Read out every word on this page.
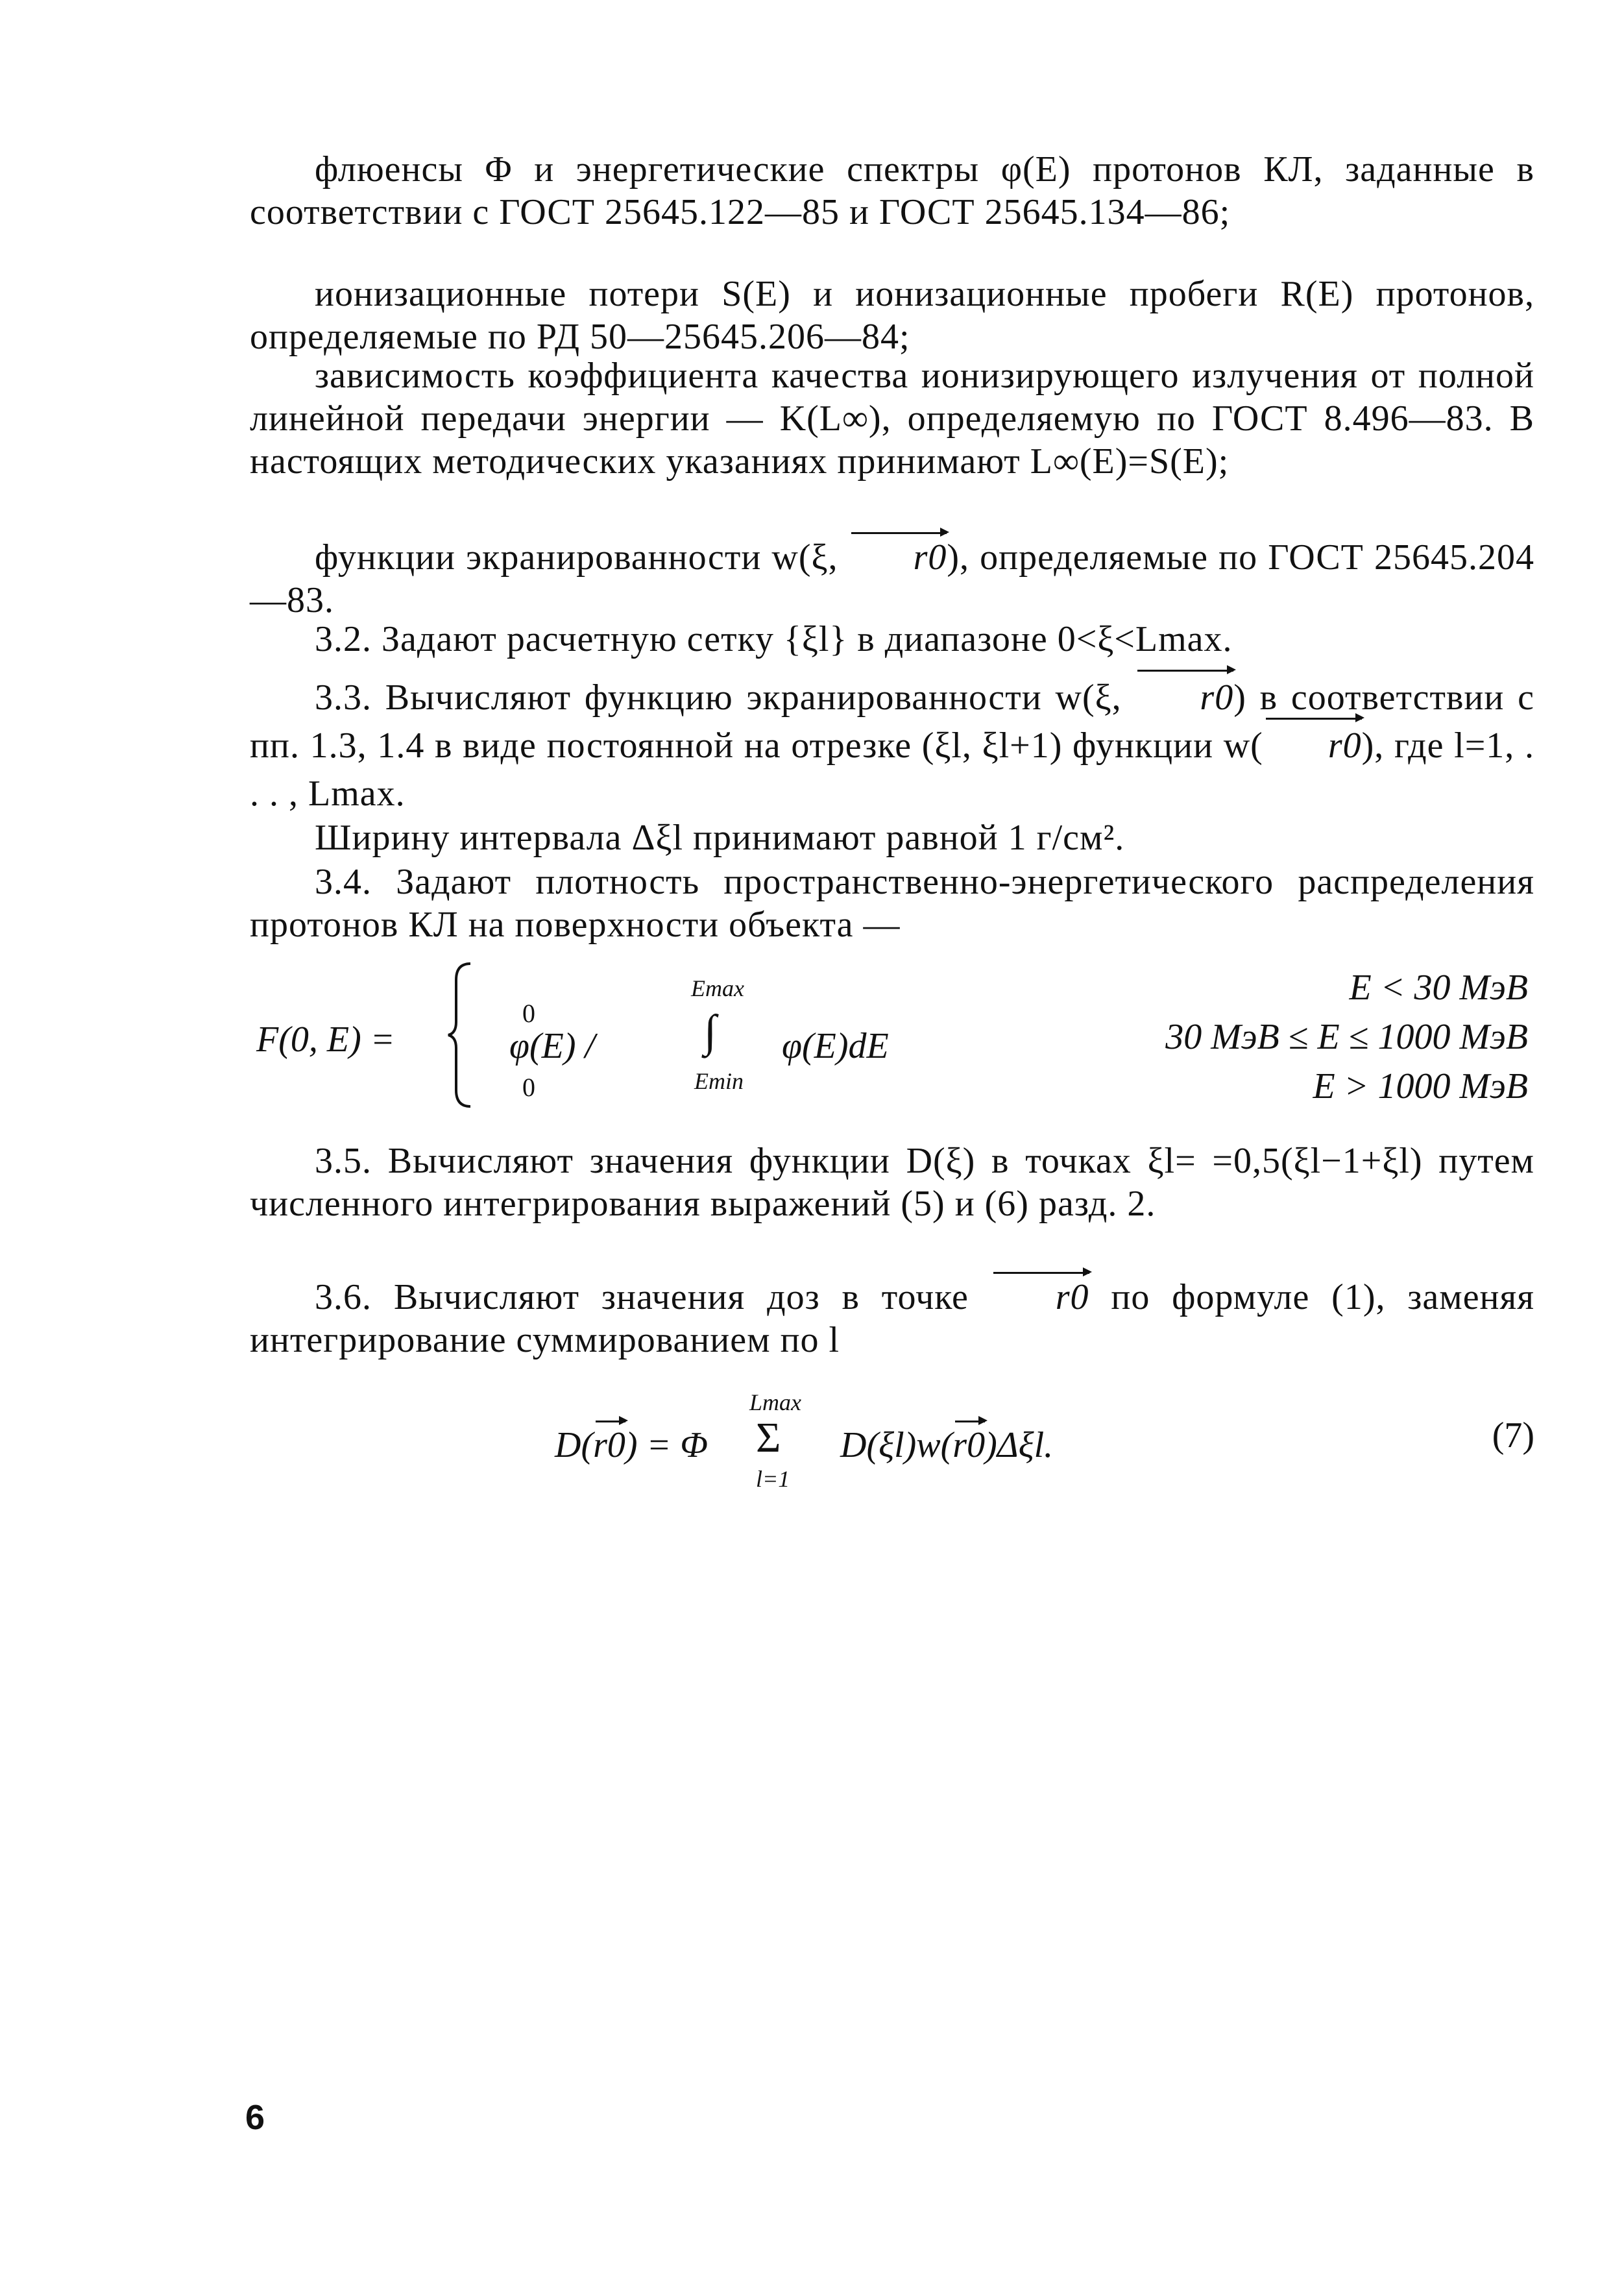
флюенсы Φ и энергетические спектры φ(E) протонов КЛ, заданные в соответствии с ГОСТ 25645.122—85 и ГОСТ 25645.134—86;
ионизационные потери S(E) и ионизационные пробеги R(E) протонов, определяемые по РД 50—25645.206—84;
зависимость коэффициента качества ионизирующего излучения от полной линейной передачи энергии — K(L∞), определяемую по ГОСТ 8.496—83. В настоящих методических указаниях принимают L∞(E)=S(E);
функции экранированности w(ξ, r0), определяемые по ГОСТ 25645.204—83.
3.2. Задают расчетную сетку {ξl} в диапазоне 0<ξ<Lmax.
3.3. Вычисляют функцию экранированности w(ξ, r0) в соответствии с пп. 1.3, 1.4 в виде постоянной на отрезке (ξl, ξl+1) функции w( r0), где l=1, . . . , Lmax.
Ширину интервала Δξl принимают равной 1 г/см².
3.4. Задают плотность пространственно-энергетического распределения протонов КЛ на поверхности объекта —
F(0, E) =
0
φ(E) /
0
Emax
∫
Emin
φ(E)dE
E < 30 МэВ
30 МэВ ≤ E ≤ 1000 МэВ
E > 1000 МэВ
3.5. Вычисляют значения функции D(ξ) в точках ξl= =0,5(ξl−1+ξl) путем численного интегрирования выражений (5) и (6) разд. 2.
3.6. Вычисляют значения доз в точке r0 по формуле (1), заменяя интегрирование суммированием по l
D(r0) = Φ
Lmax
Σ
l=1
D(ξl)w(r0)Δξl.	(7)
6
